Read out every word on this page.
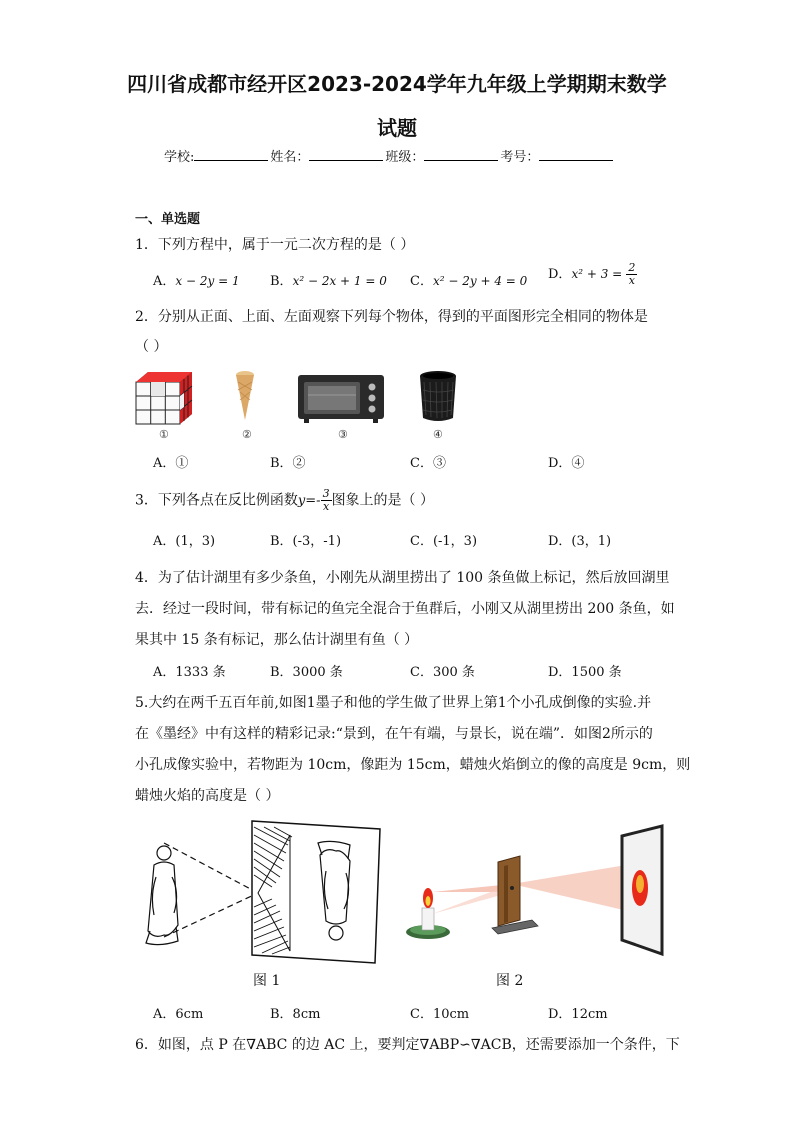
四川省成都市经开区2023-2024学年九年级上学期期末数学
试题
学校:	姓名：	班级：	考号：
一、单选题
1．下列方程中，属于一元二次方程的是（ ）
A．x − 2y = 1 B．x² − 2x + 1 = 0 C．x² − 2y + 4 = 0 D．$x^2 + 3 = \frac{2}{x}$
2．分别从正面、上面、左面观察下列每个物体，得到的平面图形完全相同的物体是
（ ）
①	②	③	④
A．①	B．②	C．③	D．④
3．下列各点在反比例函数$y=- \frac{3}{x}$ 图象上的是（ ）
A．(1，3)	B．(-3，-1)	C．(-1，3)	D．(3，1)
4．为了估计湖里有多少条鱼，小刚先从湖里捞出了 100 条鱼做上标记，然后放回湖里
去．经过一段时间，带有标记的鱼完全混合于鱼群后，小刚又从湖里捞出 200 条鱼，如
果其中 15 条有标记，那么估计湖里有鱼（ ）
A．1333 条	B．3000 条	C．300 条	D．1500 条
5.大约在两千五百年前,如图1墨子和他的学生做了世界上第1个小孔成倒像的实验.并
在《墨经》中有这样的精彩记录:“景到，在午有端，与景长，说在端”．如图2所示的
小孔成像实验中，若物距为 10cm，像距为 15cm，蜡烛火焰倒立的像的高度是 9cm，则
蜡烛火焰的高度是（ ）
图 1	图 2
A．6cm	B．8cm	C．10cm	D．12cm
6．如图，点 P 在∇ABC 的边 AC 上，要判定∇ABP∽∇ACB，还需要添加一个条件，下
